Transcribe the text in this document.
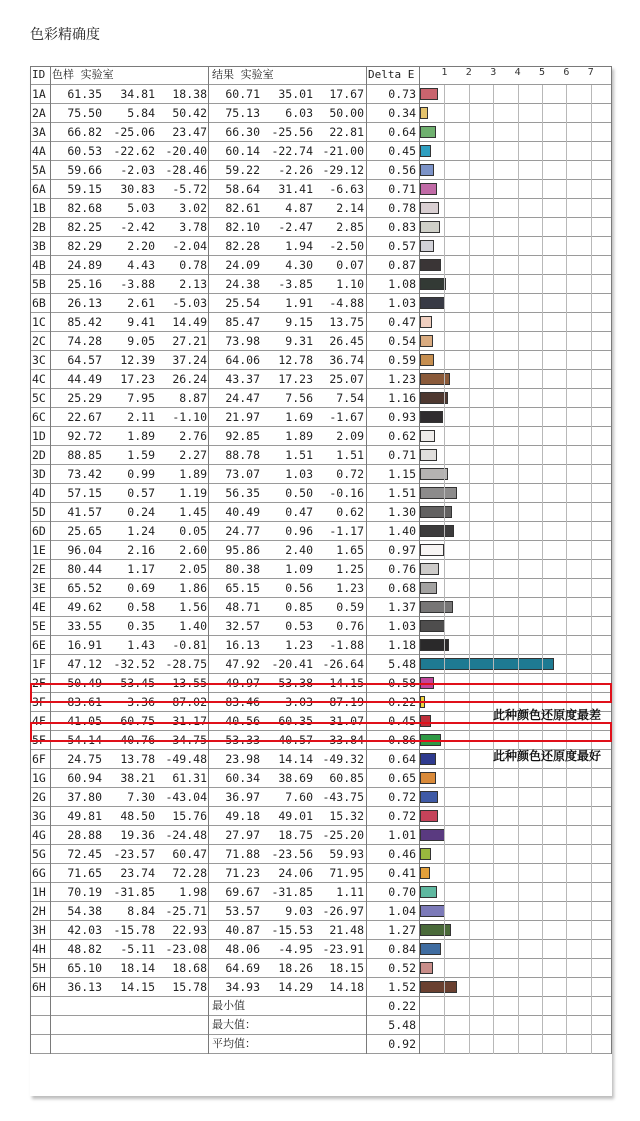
色彩精确度
ID 色样 实验室	结果 实验室	Delta E
1A	61.35	34.81	18.38	60.71	35.01	17.67	0.73
2A	75.50	5.84	50.42	75.13	6.03	50.00	0.34
3A	66.82 -25.06	23.47	66.30 -25.56	22.81	0.64
4A	60.53 -22.62 -20.40	60.14 -22.74 -21.00	0.45
5A	59.66	-2.03 -28.46	59.22	-2.26 -29.12	0.56
6A	59.15	30.83	-5.72	58.64	31.41	-6.63	0.71
1B	82.68	5.03	3.02	82.61	4.87	2.14	0.78
2B	82.25	-2.42	3.78	82.10	-2.47	2.85	0.83
3B	82.29	2.20	-2.04	82.28	1.94	-2.50	0.57
4B	24.89	4.43	0.78	24.09	4.30	0.07	0.87
5B	25.16	-3.88	2.13	24.38	-3.85	1.10	1.08
6B	26.13	2.61	-5.03	25.54	1.91	-4.88	1.03
1C	85.42	9.41	14.49	85.47	9.15	13.75	0.47
2C	74.28	9.05	27.21	73.98	9.31	26.45	0.54
3C	64.57	12.39	37.24	64.06	12.78	36.74	0.59
4C	44.49	17.23	26.24	43.37	17.23	25.07	1.23
5C	25.29	7.95	8.87	24.47	7.56	7.54	1.16
6C	22.67	2.11	-1.10	21.97	1.69	-1.67	0.93
1D	92.72	1.89	2.76	92.85	1.89	2.09	0.62
2D	88.85	1.59	2.27	88.78	1.51	1.51	0.71
3D	73.42	0.99	1.89	73.07	1.03	0.72	1.15
4D	57.15	0.57	1.19	56.35	0.50	-0.16	1.51
5D	41.57	0.24	1.45	40.49	0.47	0.62	1.30
6D	25.65	1.24	0.05	24.77	0.96	-1.17	1.40
1E	96.04	2.16	2.60	95.86	2.40	1.65	0.97
2E	80.44	1.17	2.05	80.38	1.09	1.25	0.76
3E	65.52	0.69	1.86	65.15	0.56	1.23	0.68
4E	49.62	0.58	1.56	48.71	0.85	0.59	1.37
5E	33.55	0.35	1.40	32.57	0.53	0.76	1.03
6E	16.91	1.43	-0.81	16.13	1.23	-1.88	1.18
1F	47.12 -32.52 -28.75	47.92 -20.41 -26.64	5.48
2F	50.49	53.45 -13.55	49.97	53.38 -14.15	0.58
3F	83.61	3.36	87.02	83.46	3.03	87.19	0.22
4F	41.05	60.75	31.17	40.56	60.35	31.07	0.45
5F	54.14 -40.76	34.75	53.33 -40.57	33.84	0.86
6F	24.75	13.78 -49.48	23.98	14.14 -49.32	0.64
1G	60.94	38.21	61.31	60.34	38.69	60.85	0.65
2G	37.80	7.30 -43.04	36.97	7.60 -43.75	0.72
3G	49.81	48.50	15.76	49.18	49.01	15.32	0.72
4G	28.88	19.36 -24.48	27.97	18.75 -25.20	1.01
5G	72.45 -23.57	60.47	71.88 -23.56	59.93	0.46
6G	71.65	23.74	72.28	71.23	24.06	71.95	0.41
1H	70.19 -31.85	1.98	69.67 -31.85	1.11	0.70
2H	54.38	8.84 -25.71	53.57	9.03 -26.97	1.04
3H	42.03 -15.78	22.93	40.87 -15.53	21.48	1.27
4H	48.82	-5.11 -23.08	48.06	-4.95 -23.91	0.84
5H	65.10	18.14	18.68	64.69	18.26	18.15	0.52
6H	36.13	14.15	15.78	34.93	14.29	14.18	1.52
最小值	0.22
最大值：	5.48
平均值：	0.92
1 2 3 4 5 6 7
此种颜色还原度最差
此种颜色还原度最好
